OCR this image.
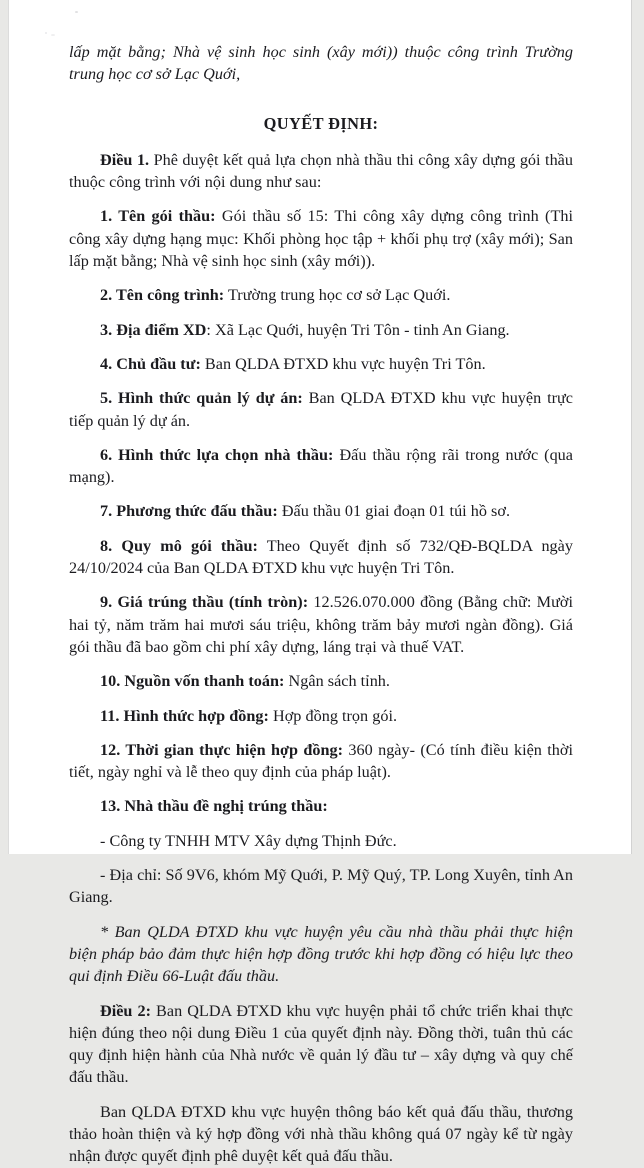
lấp mặt bằng; Nhà vệ sinh học sinh (xây mới)) thuộc công trình Trường trung học cơ sở Lạc Quới,

QUYẾT ĐỊNH:

Điều 1. Phê duyệt kết quả lựa chọn nhà thầu thi công xây dựng gói thầu thuộc công trình với nội dung như sau:

1. Tên gói thầu: Gói thầu số 15: Thi công xây dựng công trình (Thi công xây dựng hạng mục: Khối phòng học tập + khối phụ trợ (xây mới); San lấp mặt bằng; Nhà vệ sinh học sinh (xây mới)).

2. Tên công trình: Trường trung học cơ sở Lạc Quới.

3. Địa điểm XD: Xã Lạc Quới, huyện Tri Tôn - tinh An Giang.

4. Chủ đầu tư: Ban QLDA ĐTXD khu vực huyện Tri Tôn.

5. Hình thức quản lý dự án: Ban QLDA ĐTXD khu vực huyện trực tiếp quản lý dự án.

6. Hình thức lựa chọn nhà thầu: Đấu thầu rộng rãi trong nước (qua mạng).

7. Phương thức đấu thầu: Đấu thầu 01 giai đoạn 01 túi hồ sơ.

8. Quy mô gói thầu: Theo Quyết định số 732/QĐ-BQLDA ngày 24/10/2024 của Ban QLDA ĐTXD khu vực huyện Tri Tôn.

9. Giá trúng thầu (tính tròn): 12.526.070.000 đồng (Bằng chữ: Mười hai tỷ, năm trăm hai mươi sáu triệu, không trăm bảy mươi ngàn đồng). Giá gói thầu đã bao gồm chi phí xây dựng, láng trại và thuế VAT.

10. Nguồn vốn thanh toán: Ngân sách tỉnh.

11. Hình thức hợp đồng: Hợp đồng trọn gói.

12. Thời gian thực hiện hợp đồng: 360 ngày- (Có tính điều kiện thời tiết, ngày nghỉ và lễ theo quy định của pháp luật).

13. Nhà thầu đề nghị trúng thầu:

- Công ty TNHH MTV Xây dựng Thịnh Đức.

- Địa chỉ: Số 9V6, khóm Mỹ Quới, P. Mỹ Quý, TP. Long Xuyên, tỉnh An Giang.

* Ban QLDA ĐTXD khu vực huyện yêu cầu nhà thầu phải thực hiện biện pháp bảo đảm thực hiện hợp đồng trước khi hợp đồng có hiệu lực theo qui định Điều 66-Luật đấu thầu.

Điều 2: Ban QLDA ĐTXD khu vực huyện phải tổ chức triển khai thực hiện đúng theo nội dung Điều 1 của quyết định này. Đồng thời, tuân thủ các quy định hiện hành của Nhà nước về quản lý đầu tư – xây dựng và quy chế đấu thầu.

Ban QLDA ĐTXD khu vực huyện thông báo kết quả đấu thầu, thương thảo hoàn thiện và ký hợp đồng với nhà thầu không quá 07 ngày kể từ ngày nhận được quyết định phê duyệt kết quả đấu thầu.
